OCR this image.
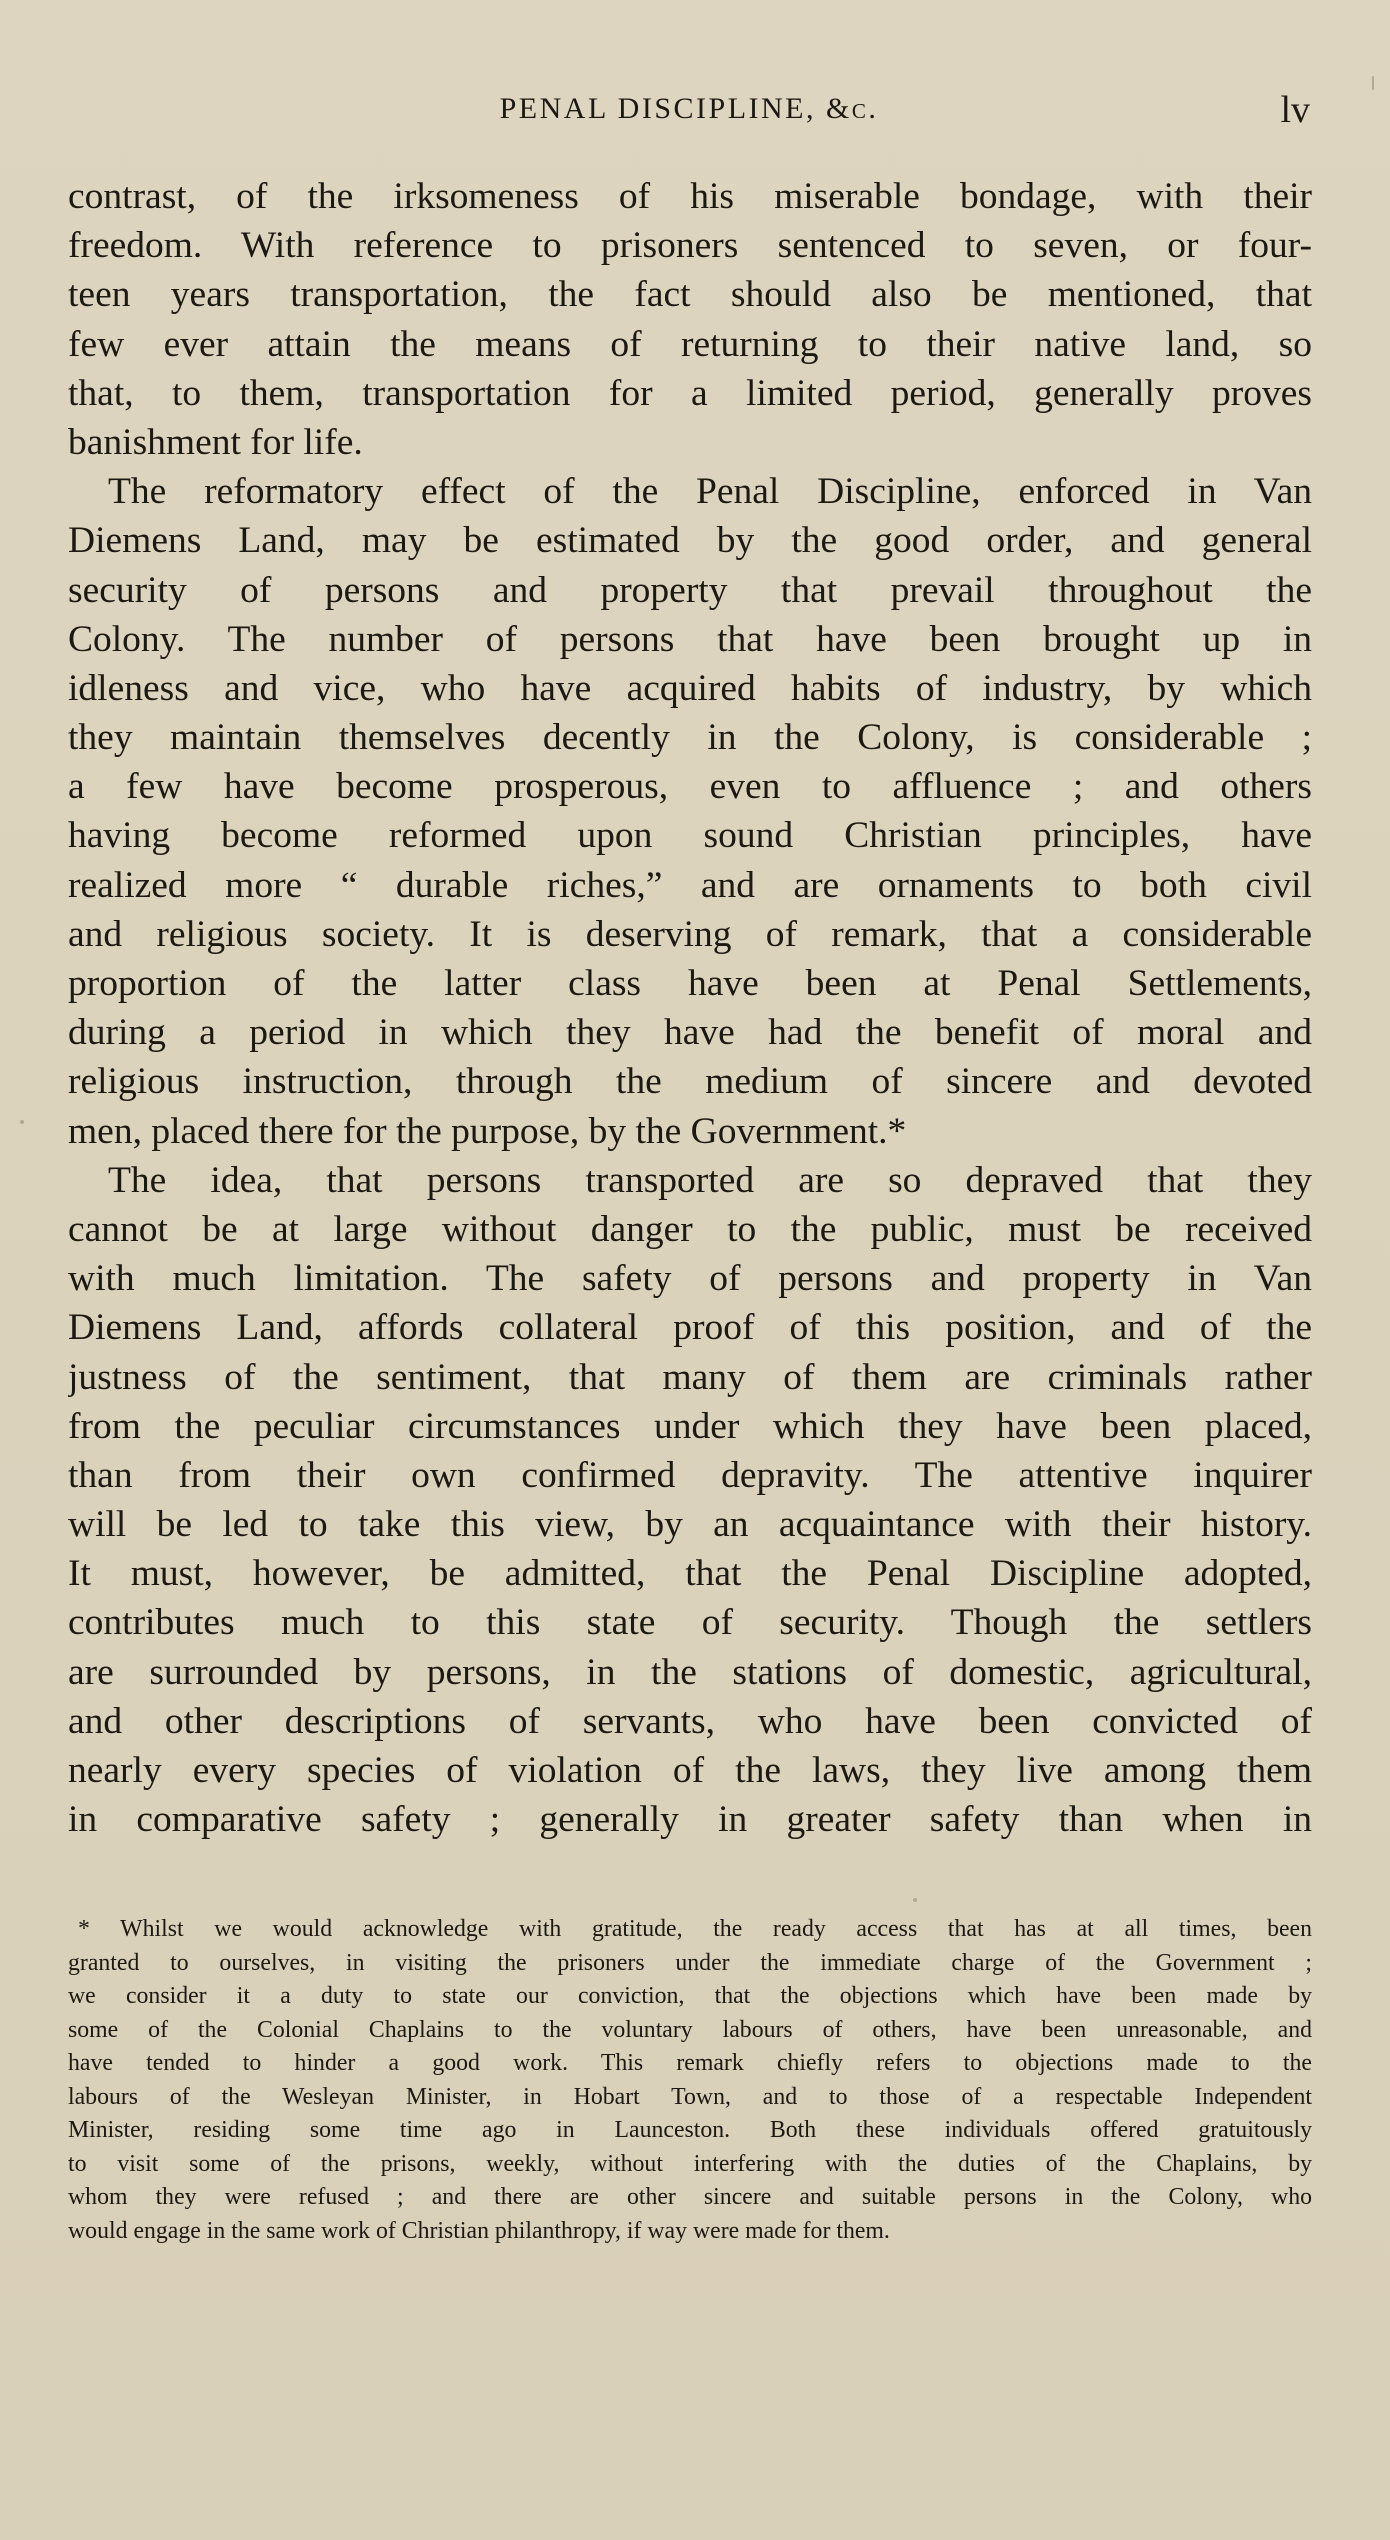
PENAL DISCIPLINE, &c.	lv
contrast, of the irksomeness of his miserable bondage, with their
freedom. With reference to prisoners sentenced to seven, or four-
teen years transportation, the fact should also be mentioned, that
few ever attain the means of returning to their native land, so
that, to them, transportation for a limited period, generally proves
banishment for life.
The reformatory effect of the Penal Discipline, enforced in Van
Diemens Land, may be estimated by the good order, and general
security of persons and property that prevail throughout the
Colony. The number of persons that have been brought up in
idleness and vice, who have acquired habits of industry, by which
they maintain themselves decently in the Colony, is considerable ;
a few have become prosperous, even to affluence ; and others
having become reformed upon sound Christian principles, have
realized more “ durable riches,” and are ornaments to both civil
and religious society. It is deserving of remark, that a considerable
proportion of the latter class have been at Penal Settlements,
during a period in which they have had the benefit of moral and
religious instruction, through the medium of sincere and devoted
men, placed there for the purpose, by the Government.*
The idea, that persons transported are so depraved that they
cannot be at large without danger to the public, must be received
with much limitation. The safety of persons and property in Van
Diemens Land, affords collateral proof of this position, and of the
justness of the sentiment, that many of them are criminals rather
from the peculiar circumstances under which they have been placed,
than from their own confirmed depravity. The attentive inquirer
will be led to take this view, by an acquaintance with their history.
It must, however, be admitted, that the Penal Discipline adopted,
contributes much to this state of security. Though the settlers
are surrounded by persons, in the stations of domestic, agricultural,
and other descriptions of servants, who have been convicted of
nearly every species of violation of the laws, they live among them
in comparative safety ; generally in greater safety than when in
* Whilst we would acknowledge with gratitude, the ready access that has at all times, been
granted to ourselves, in visiting the prisoners under the immediate charge of the Government ;
we consider it a duty to state our conviction, that the objections which have been made by
some of the Colonial Chaplains to the voluntary labours of others, have been unreasonable, and
have tended to hinder a good work. This remark chiefly refers to objections made to the
labours of the Wesleyan Minister, in Hobart Town, and to those of a respectable Independent
Minister, residing some time ago in Launceston. Both these individuals offered gratuitously
to visit some of the prisons, weekly, without interfering with the duties of the Chaplains, by
whom they were refused ; and there are other sincere and suitable persons in the Colony, who
would engage in the same work of Christian philanthropy, if way were made for them.
